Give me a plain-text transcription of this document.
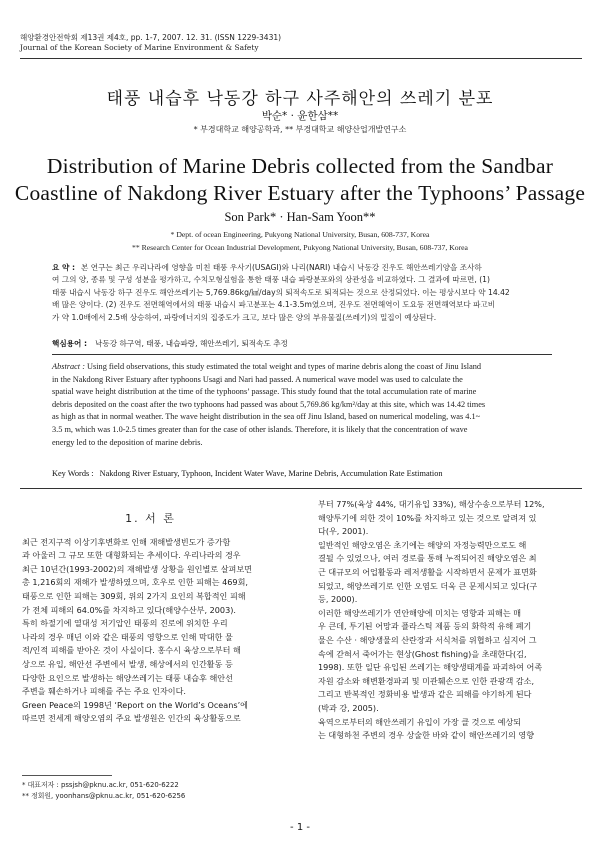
해양환경안전학회 제13권 제4호, pp. 1-7, 2007. 12. 31. (ISSN 1229-3431)
Journal of the Korean Society of Marine Environment & Safety
태풍 내습후 낙동강 하구 사주해안의 쓰레기 분포
박순* · 윤한삼**
* 부경대학교 해양공학과, ** 부경대학교 해양산업개발연구소
Distribution of Marine Debris collected from the Sandbar
Coastline of Nakdong River Estuary after the Typhoons’ Passage
Son Park* · Han-Sam Yoon**
* Dept. of ocean Engineering, Pukyong National University, Busan, 608-737, Korea
** Research Center for Ocean Industrial Development, Pukyong National University, Busan, 608-737, Korea

요 약 : 본 연구는 최근 우리나라에 영향을 미친 태풍 우사기(USAGI)와 나리(NARI) 내습시 낙동강 진우도 해안쓰레기양을 조사하

여 그의 양, 종류 및 구성 성분을 평가하고, 수치모형실험을 통한 태풍 내습 파랑분포와의 상관성을 비교하였다. 그 결과에 따르면, (1)

태풍 내습시 낙동강 하구 진우도 해안쓰레기는 5,769.86kg/㎢/day의 퇴적속도로 퇴적되는 것으로 산정되었다. 이는 평상시보다 약 14.42

배 많은 양이다. (2) 진우도 전면해역에서의 태풍 내습시 파고분포는 4.1-3.5m였으며, 진우도 전면해역이 도요등 전면해역보다 파고비

가 약 1.0배에서 2.5배 상승하여, 파랑에너지의 집중도가 크고, 보다 많은 양의 부유물질(쓰레기)의 밀집이 예상된다.

핵심용어 : 낙동강 하구역, 태풍, 내습파랑, 해안쓰레기, 퇴적속도 추정

Abstract : Using field observations, this study estimated the total weight and types of marine debris along the coast of Jinu Island

in the Nakdong River Estuary after typhoons Usagi and Nari had passed. A numerical wave model was used to calculate the

spatial wave height distribution at the time of the typhoons’ passage. This study found that the total accumulation rate of marine

debris deposited on the coast after the two typhoons had passed was about 5,769.86 kg/km²/day at this site, which was 14.42 times

as high as that in normal weather. The wave height distribution in the sea off Jinu Island, based on numerical modeling, was 4.1~

3.5 m, which was 1.0-2.5 times greater than for the case of other islands. Therefore, it is likely that the concentration of wave

energy led to the deposition of marine debris.

Key Words : Nakdong River Estuary, Typhoon, Incident Water Wave, Marine Debris, Accumulation Rate Estimation
1. 서 론

최근 전지구적 이상기후변화로 인해 재해발생빈도가 증가함

과 아울러 그 규모 또한 대형화되는 추세이다. 우리나라의 경우

최근 10년간(1993-2002)의 재해발생 상황을 원인별로 살펴보면

총 1,216회의 재해가 발생하였으며, 호우로 인한 피해는 469회,

태풍으로 인한 피해는 309회, 위의 2가지 요인의 복합적인 피해

가 전체 피해의 64.0%를 차지하고 있다(해양수산부, 2003).

특히 하절기에 열대성 저기압인 태풍의 진로에 위치한 우리

나라의 경우 매년 이와 같은 태풍의 영향으로 인해 막대한 물

적/인적 피해를 받아온 것이 사실이다. 홍수시 육상으로부터 해

상으로 유입, 해안선 주변에서 발생, 해상에서의 인간활동 등

다양한 요인으로 발생하는 해양쓰레기는 태풍 내습후 해안선

주변을 훼손하거나 피해를 주는 주요 인자이다.

Green Peace의 1998년 ‘Report on the World’s Oceans’에

따르면 전세계 해양오염의 주요 발생원은 인간의 육상활동으로

부터 77%(육상 44%, 대기유입 33%), 해상수송으로부터 12%,

해양투기에 의한 것이 10%를 차지하고 있는 것으로 알려져 있

다(우, 2001).

일반적인 해양오염은 초기에는 해양의 자정능력만으로도 해

결될 수 있었으나, 여러 경로를 통해 누적되어진 해양오염은 최

근 대규모의 어업활동과 레저생활을 시작하면서 문제가 표면화

되었고, 해양쓰레기로 인한 오염도 더욱 큰 문제시되고 있다(구

등, 2000).

이러한 해양쓰레기가 연안해양에 미치는 영향과 피해는 매

우 큰데, 투기된 어망과 플라스틱 제품 등의 화학적 유해 폐기

물은 수산 · 해양생물의 산란장과 서식처를 위협하고 심지어 그

속에 갇혀서 죽어가는 현상(Ghost fishing)을 초래한다(김,

1998). 또한 일단 유입된 쓰레기는 해양생태계를 파괴하여 어족

자원 감소와 해변환경파괴 및 미관훼손으로 인한 관광객 감소,

그리고 반복적인 정화비용 발생과 같은 피해를 야기하게 된다

(박과 강, 2005).

육역으로부터의 해안쓰레기 유입이 가장 클 것으로 예상되

는 대형하천 주변의 경우 상술한 바와 같이 해안쓰레기의 영향

* 대표저자 : pssjsh@pknu.ac.kr, 051-620-6222

** 정회원, yoonhans@pknu.ac.kr, 051-620-6256

- 1 -
